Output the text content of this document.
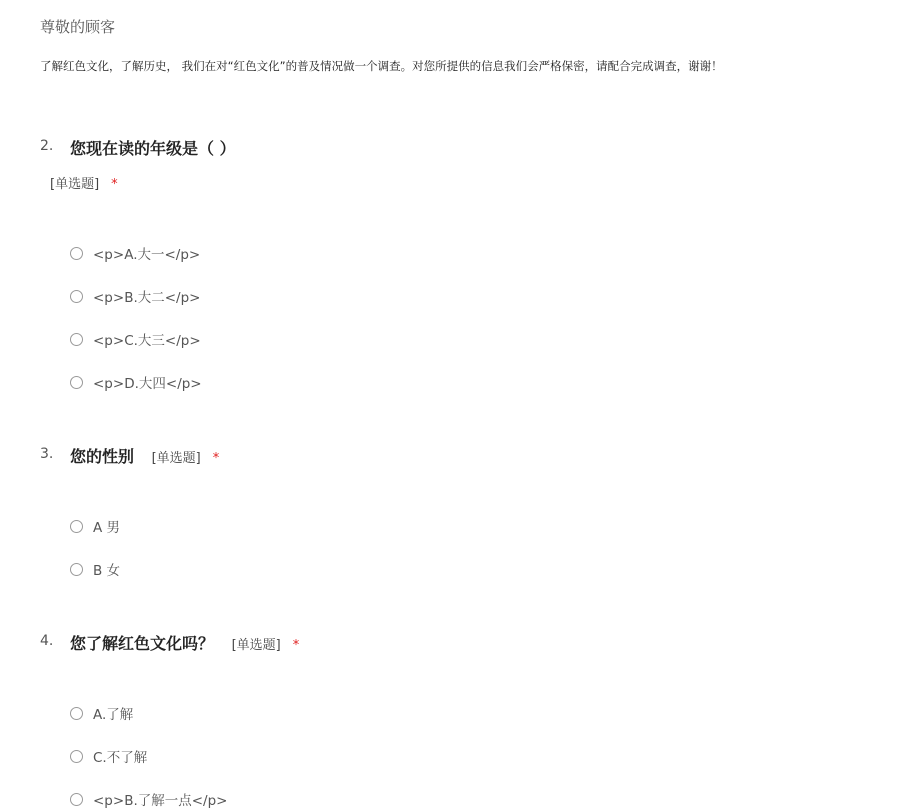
尊敬的顾客
了解红色文化，了解历史， 我们在对“红色文化”的普及情况做一个调查。对您所提供的信息我们会严格保密，请配合完成调查，谢谢！
2. 您现在读的年级是（ ）
[单选题] *
<p>A.大一</p>
<p>B.大二</p>
<p>C.大三</p>
<p>D.大四</p>
3. 您的性别 [单选题] *
A 男
B 女
4. 您了解红色文化吗？ [单选题] *
A.了解
C.不了解
<p>B.了解一点</p>
